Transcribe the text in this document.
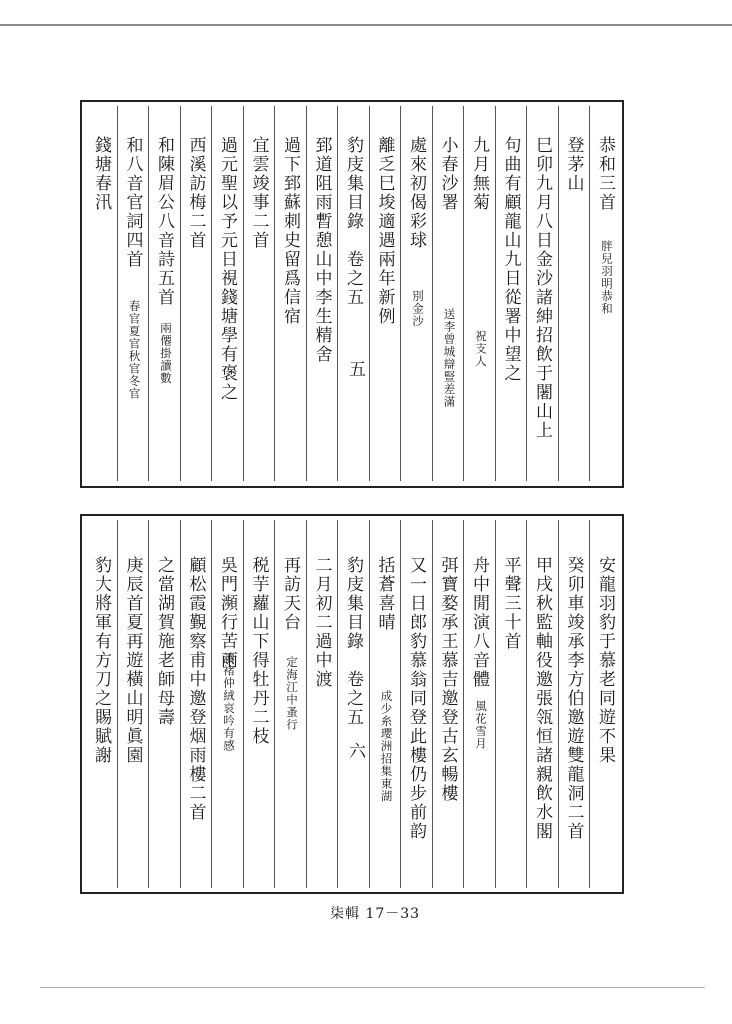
恭和三首
胖兒羽明恭和
登茅山
巳卯九月八日金沙諸紳招飲于闍山上
句曲有顧龍山九日從署中望之
九月無菊
祝支人
小春沙署
送李曾城辯豎差滿
處來初偈彩球
別金沙
離乏巳埈適遇兩年新例
豹庋集目錄　卷之五
五
郅道阻雨暫憩山中李生精舍
過下郅蘇刺史留爲信宿
宜雲竣事二首
過元聖以予元日視錢塘學有褒之
西溪訪梅二首
和陳眉公八音詩五首
兩僊掛讀數
和八音官詞四首
春官夏官秋官冬官
錢塘春汛
安龍羽豹于慕老同遊不果
癸卯車竣承李方伯邀遊雙龍洞二首
甲戌秋監軸役邀張瓴恒諸親飲水閣
平聲三十首
舟中閒演八音體
風花雪月
弭寶婺承王慕吉邀登古玄暢樓
又一日郎豹慕翁同登此樓仍步前韵
括蒼喜晴
成少糸瓔洲招集東湖
豹庋集目錄　卷之五
六
二月初二過中渡
再訪天台
定海江中蚤行
税芋蘿山下得牡丹二枝
吳門瀕行苦雨
讀褚仲絨哀吟有感
顧松霞覲察甫中邀登烟雨樓二首
之當湖賀施老師母壽
庚辰首夏再遊橫山明眞園
豹大將軍有方刀之賜賦謝
柒輯 17－33
